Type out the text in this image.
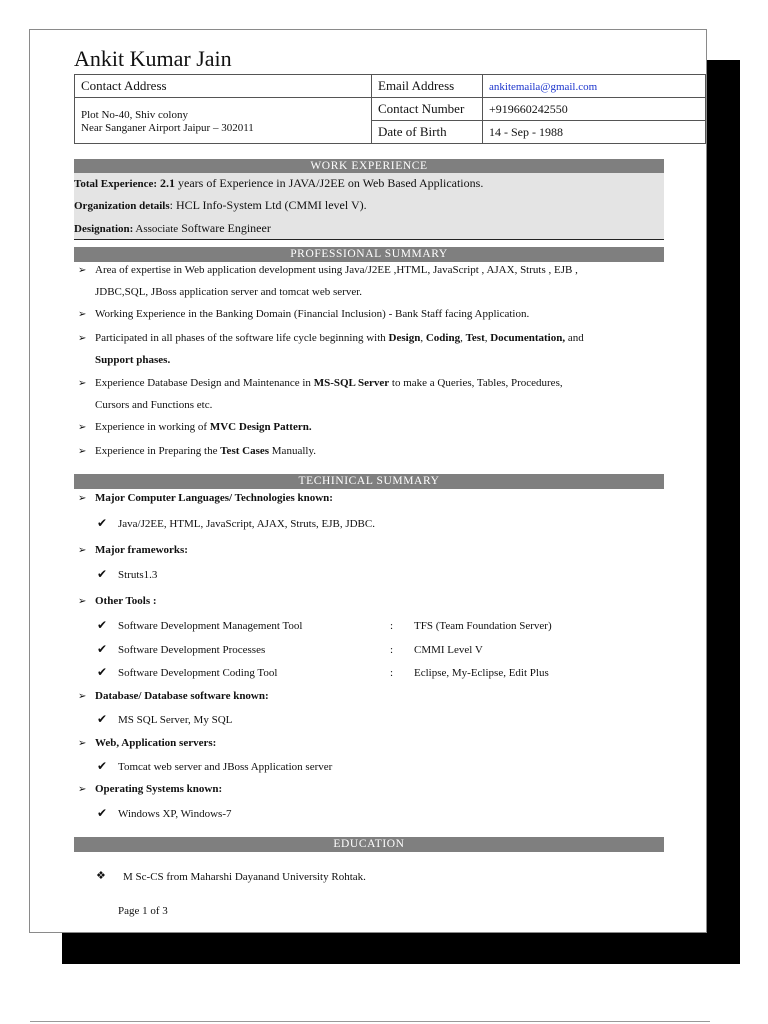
Ankit Kumar Jain
Contact Address	Email Address	ankitemaila@gmail.com

Plot No-40, Shiv colony
Near Sanganer Airport Jaipur – 302011	Contact Number	+919660242550
	Date of Birth	14 - Sep - 1988
WORK EXPERIENCE
Total Experience: 2.1 years of Experience in JAVA/J2EE on Web Based Applications.
Organization details: HCL Info-System Ltd (CMMI level V).
Designation: Associate Software Engineer
PROFESSIONAL SUMMARY
➢ Area of expertise in Web application development using Java/J2EE ,HTML, JavaScript , AJAX, Struts , EJB ,
JDBC,SQL, JBoss application server and tomcat web server.
➢ Working Experience in the Banking Domain (Financial Inclusion) - Bank Staff facing Application.
➢ Participated in all phases of the software life cycle beginning with Design, Coding, Test, Documentation, and
Support phases.
➢ Experience Database Design and Maintenance in MS-SQL Server to make a Queries, Tables, Procedures,
Cursors and Functions etc.
➢ Experience in working of MVC Design Pattern.
➢ Experience in Preparing the Test Cases Manually.
TECHINICAL SUMMARY
➢ Major Computer Languages/ Technologies known:
✔ Java/J2EE, HTML, JavaScript, AJAX, Struts, EJB, JDBC.
➢ Major frameworks:
✔ Struts1.3
➢ Other Tools :
✔ Software Development Management Tool	: TFS (Team Foundation Server)
✔ Software Development Processes	: CMMI Level V
✔ Software Development Coding Tool	: Eclipse, My-Eclipse, Edit Plus
➢ Database/ Database software known:
✔ MS SQL Server, My SQL
➢ Web, Application servers:
✔ Tomcat web server and JBoss Application server
➢ Operating Systems known:
✔ Windows XP, Windows-7
EDUCATION
❖ M Sc-CS from Maharshi Dayanand University Rohtak.
Page 1 of 3
